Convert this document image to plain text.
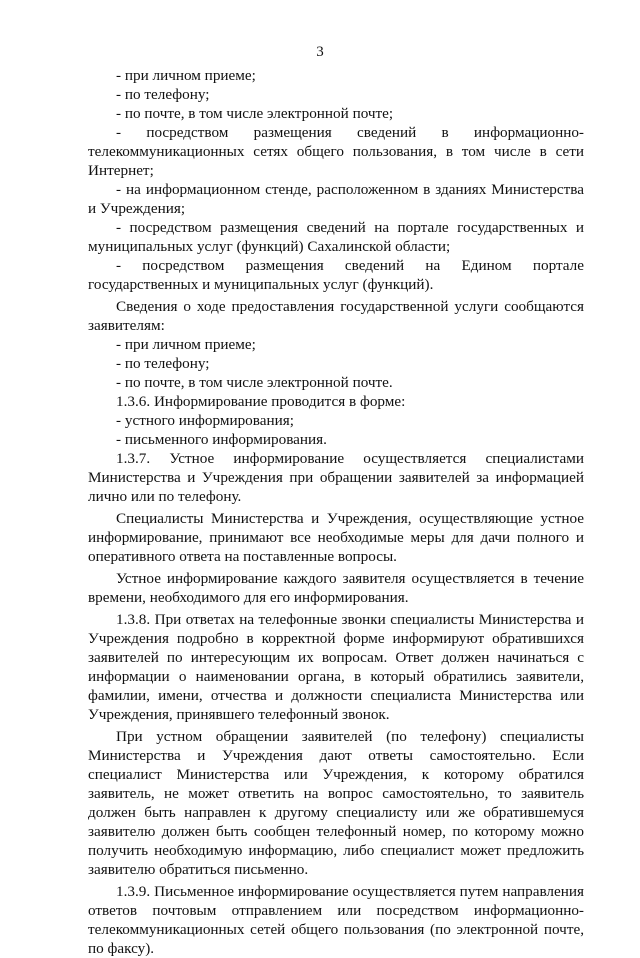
3

- при личном приеме;

- по телефону;

- по почте, в том числе электронной почте;

- посредством размещения сведений в информационно-телекоммуникационных сетях общего пользования, в том числе в сети Интернет;

- на информационном стенде, расположенном в зданиях Министерства и Учреждения;

- посредством размещения сведений на портале государственных и муниципальных услуг (функций) Сахалинской области;

- посредством размещения сведений на Едином портале государственных и муниципальных услуг (функций).

Сведения о ходе предоставления государственной услуги сообщаются заявителям:

- при личном приеме;

- по телефону;

- по почте, в том числе электронной почте.

1.3.6. Информирование проводится в форме:

- устного информирования;

- письменного информирования.

1.3.7. Устное информирование осуществляется специалистами Министерства и Учреждения при обращении заявителей за информацией лично или по телефону.

Специалисты Министерства и Учреждения, осуществляющие устное информирование, принимают все необходимые меры для дачи полного и оперативного ответа на поставленные вопросы.

Устное информирование каждого заявителя осуществляется в течение времени, необходимого для его информирования.

1.3.8. При ответах на телефонные звонки специалисты Министерства и Учреждения подробно в корректной форме информируют обратившихся заявителей по интересующим их вопросам. Ответ должен начинаться с информации о наименовании органа, в который обратились заявители, фамилии, имени, отчества и должности специалиста Министерства или Учреждения, принявшего телефонный звонок.

При устном обращении заявителей (по телефону) специалисты Министерства и Учреждения дают ответы самостоятельно. Если специалист Министерства или Учреждения, к которому обратился заявитель, не может ответить на вопрос самостоятельно, то заявитель должен быть направлен к другому специалисту или же обратившемуся заявителю должен быть сообщен телефонный номер, по которому можно получить необходимую информацию, либо специалист может предложить заявителю обратиться письменно.

1.3.9. Письменное информирование осуществляется путем направления ответов почтовым отправлением или посредством информационно-телекоммуникационных сетей общего пользования (по электронной почте, по факсу).
